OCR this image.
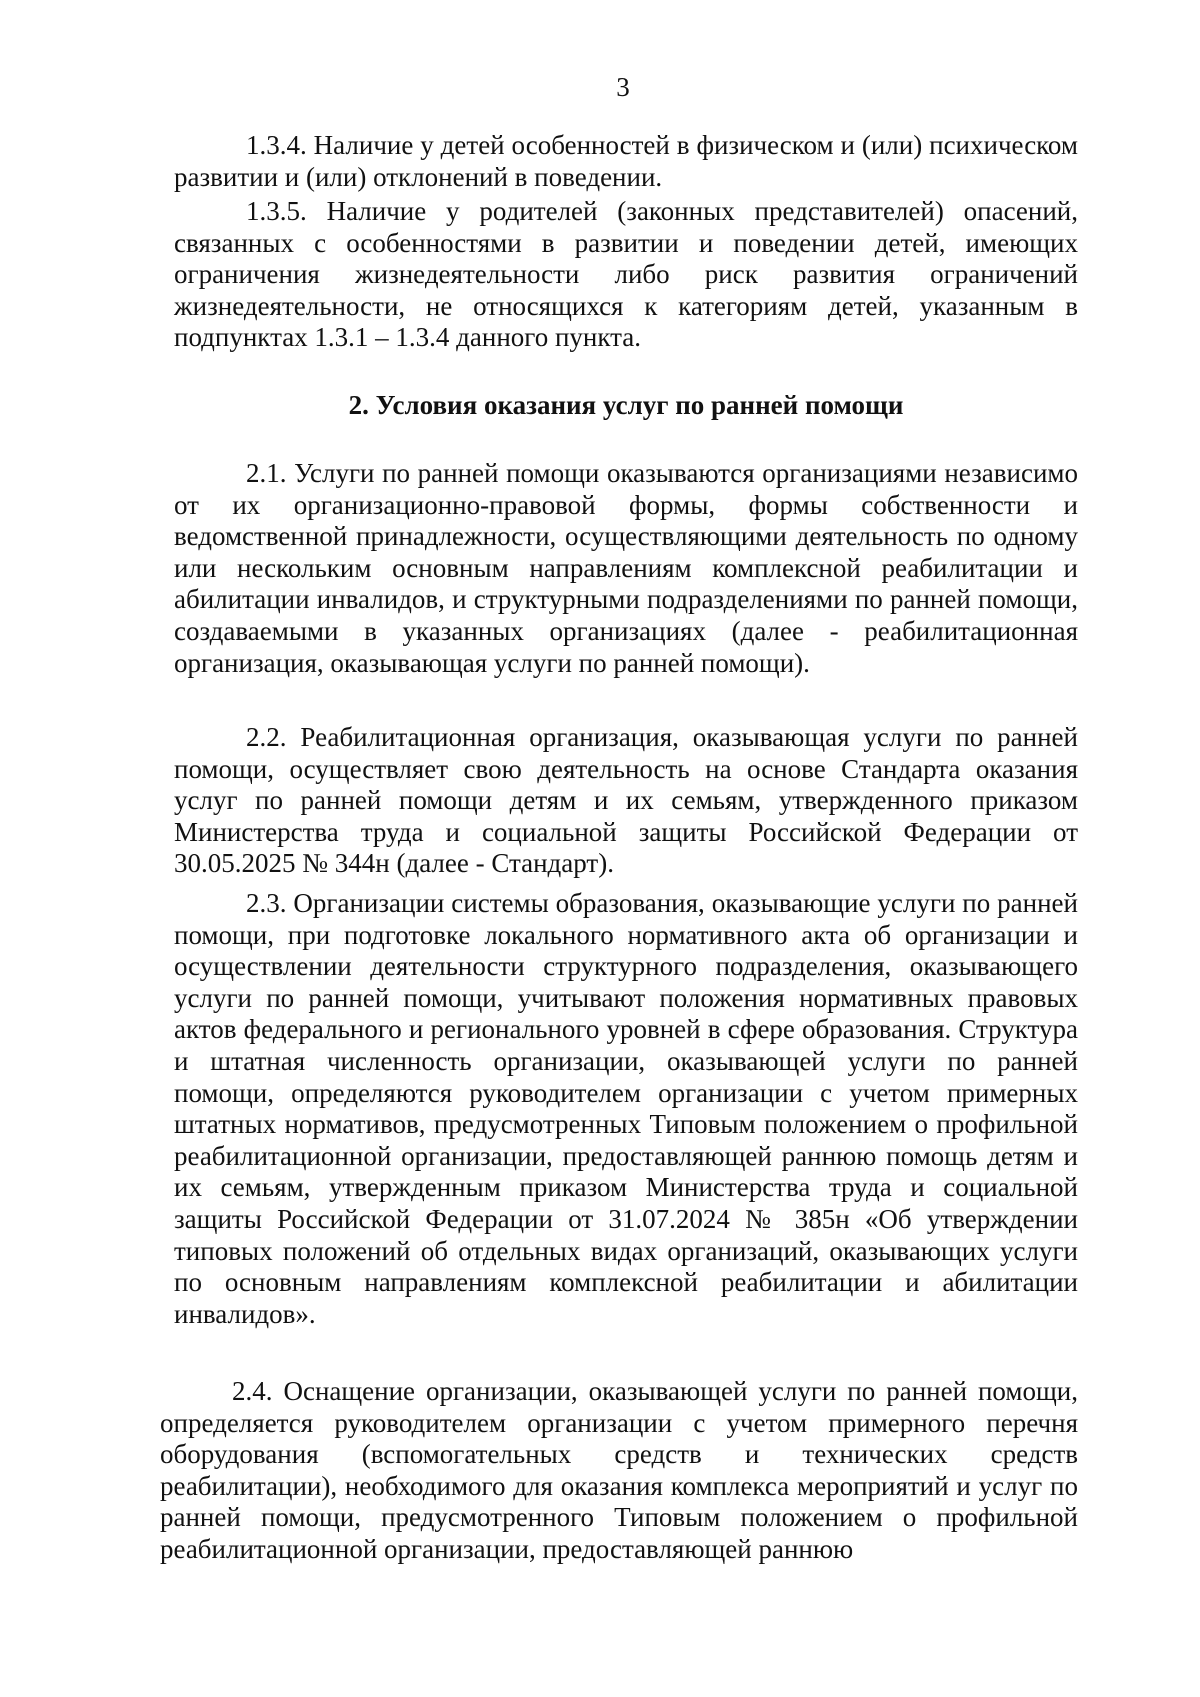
3

1.3.4. Наличие у детей особенностей в физическом и (или) психическом развитии и (или) отклонений в поведении.

1.3.5. Наличие у родителей (законных представителей) опасений, связанных с особенностями в развитии и поведении детей, имеющих ограничения жизнедеятельности либо риск развития ограничений жизнедеятельности, не относящихся к категориям детей, указанным в подпунктах 1.3.1 – 1.3.4 данного пункта.

2. Условия оказания услуг по ранней помощи

2.1. Услуги по ранней помощи оказываются организациями независимо от их организационно-правовой формы, формы собственности и ведомственной принадлежности, осуществляющими деятельность по одному или нескольким основным направлениям комплексной реабилитации и абилитации инвалидов, и структурными подразделениями по ранней помощи, создаваемыми в указанных организациях (далее - реабилитационная организация, оказывающая услуги по ранней помощи).

2.2. Реабилитационная организация, оказывающая услуги по ранней помощи, осуществляет свою деятельность на основе Стандарта оказания услуг по ранней помощи детям и их семьям, утвержденного приказом Министерства труда и социальной защиты Российской Федерации от 30.05.2025 № 344н (далее - Стандарт).

2.3. Организации системы образования, оказывающие услуги по ранней помощи, при подготовке локального нормативного акта об организации и осуществлении деятельности структурного подразделения, оказывающего услуги по ранней помощи, учитывают положения нормативных правовых актов федерального и регионального уровней в сфере образования. Структура и штатная численность организации, оказывающей услуги по ранней помощи, определяются руководителем организации с учетом примерных штатных нормативов, предусмотренных Типовым положением о профильной реабилитационной организации, предоставляющей раннюю помощь детям и их семьям, утвержденным приказом Министерства труда и социальной защиты Российской Федерации от 31.07.2024 № 385н «Об утверждении типовых положений об отдельных видах организаций, оказывающих услуги по основным направлениям комплексной реабилитации и абилитации инвалидов».

2.4. Оснащение организации, оказывающей услуги по ранней помощи, определяется руководителем организации с учетом примерного перечня оборудования (вспомогательных средств и технических средств реабилитации), необходимого для оказания комплекса мероприятий и услуг по ранней помощи, предусмотренного Типовым положением о профильной реабилитационной организации, предоставляющей раннюю
